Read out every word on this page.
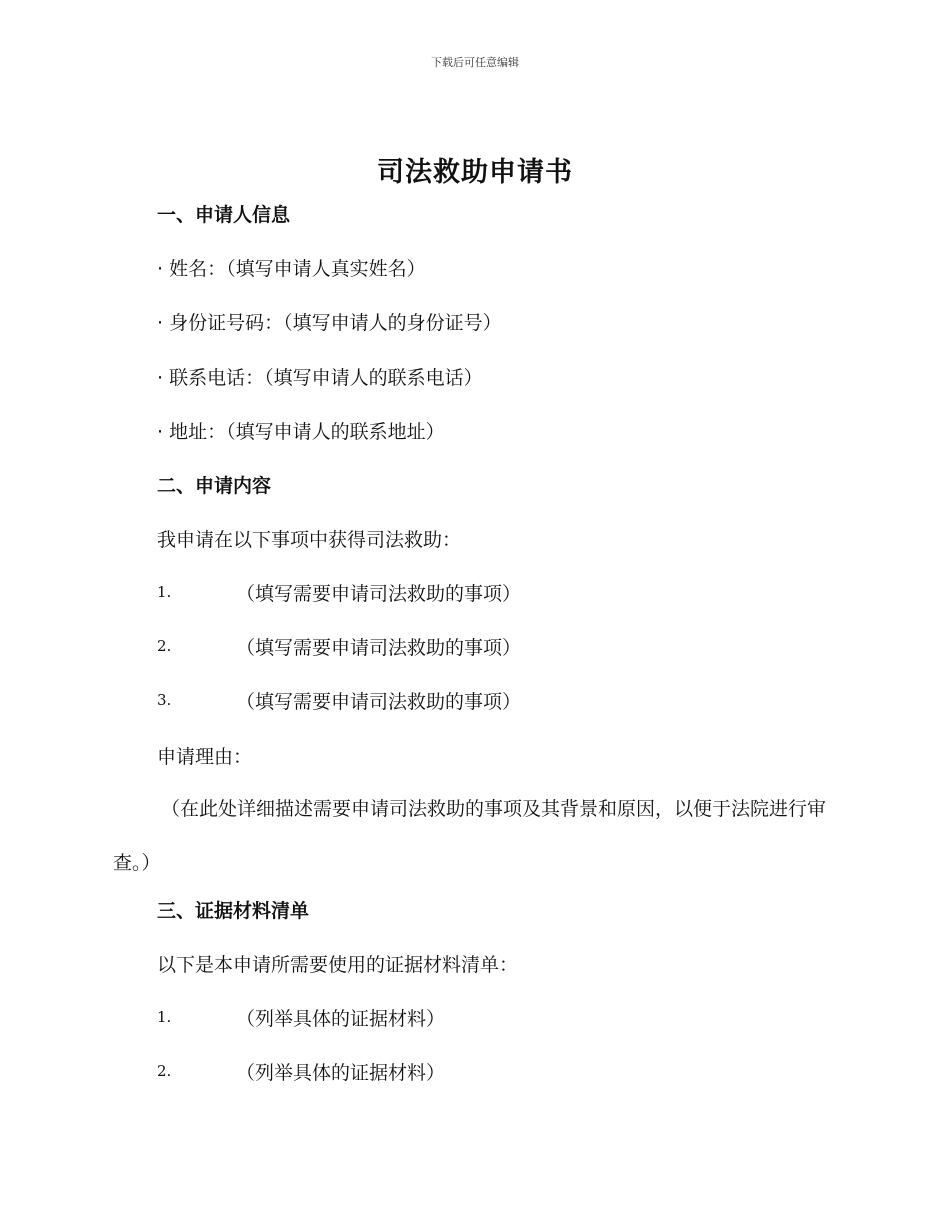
下载后可任意编辑
司法救助申请书
一、申请人信息
· 姓名：（填写申请人真实姓名）
· 身份证号码：（填写申请人的身份证号）
· 联系电话：（填写申请人的联系电话）
· 地址：（填写申请人的联系地址）
二、申请内容
我申请在以下事项中获得司法救助：
1.	（填写需要申请司法救助的事项）
2.	（填写需要申请司法救助的事项）
3.	（填写需要申请司法救助的事项）
申请理由：
（在此处详细描述需要申请司法救助的事项及其背景和原因，以便于法院进行审查。）
三、证据材料清单
以下是本申请所需要使用的证据材料清单：
1.	（列举具体的证据材料）
2.	（列举具体的证据材料）
